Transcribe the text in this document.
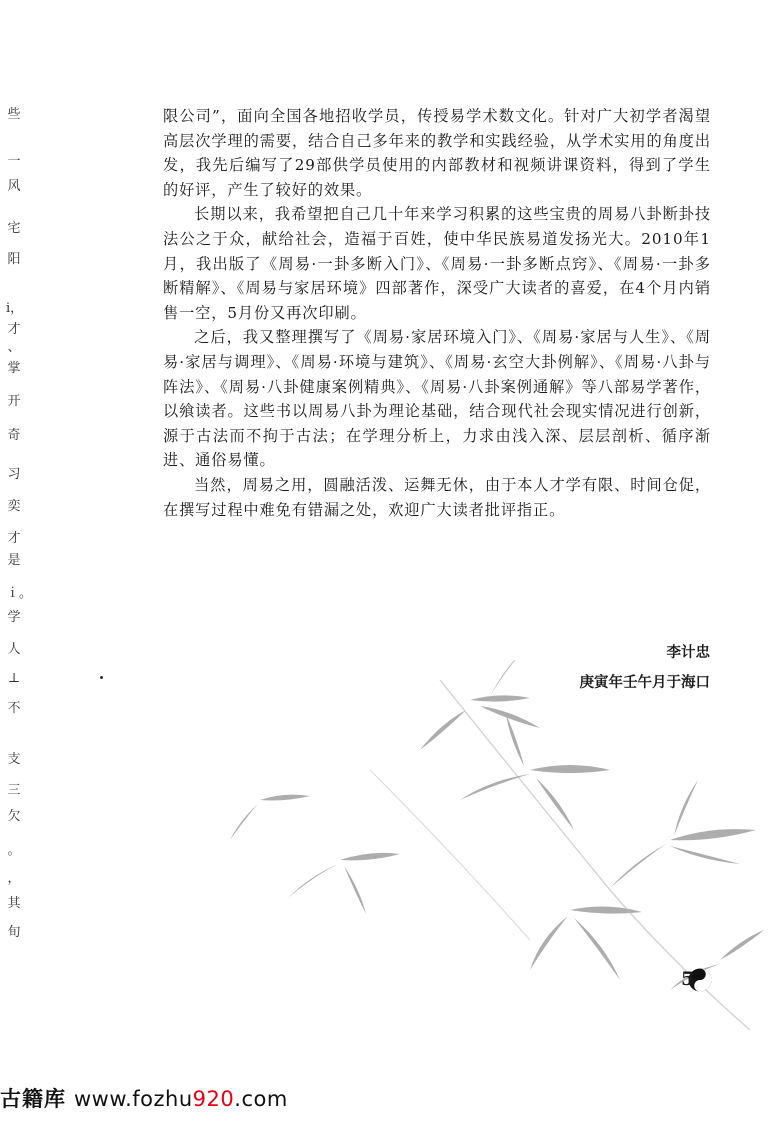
些
一
风
宅
阳
i，
才
、
掌
开
奇
习
奕
才
是
ｉ。
学
人
⊥
不
支
三
欠
。
，
其
旬

限公司”，面向全国各地招收学员，传授易学术数文化。针对广大初学者渴望高层次学理的需要，结合自己多年来的教学和实践经验，从学术实用的角度出发，我先后编写了29部供学员使用的内部教材和视频讲课资料，得到了学生的好评，产生了较好的效果。

长期以来，我希望把自己几十年来学习积累的这些宝贵的周易八卦断卦技法公之于众，献给社会，造福于百姓，使中华民族易道发扬光大。2010年1月，我出版了《周易·一卦多断入门》、《周易·一卦多断点窍》、《周易·一卦多断精解》、《周易与家居环境》四部著作，深受广大读者的喜爱，在4个月内销售一空，5月份又再次印刷。

之后，我又整理撰写了《周易·家居环境入门》、《周易·家居与人生》、《周易·家居与调理》、《周易·环境与建筑》、《周易·玄空大卦例解》、《周易·八卦与阵法》、《周易·八卦健康案例精典》、《周易·八卦案例通解》等八部易学著作，以飨读者。这些书以周易八卦为理论基础，结合现代社会现实情况进行创新，源于古法而不拘于古法；在学理分析上，力求由浅入深、层层剖析、循序渐进、通俗易懂。

当然，周易之用，圆融活泼、运舞无休，由于本人才学有限、时间仓促，在撰写过程中难免有错漏之处，欢迎广大读者批评指正。

李计忠
庚寅年壬午月于海口
5
古籍库 www.fozhu920.com
